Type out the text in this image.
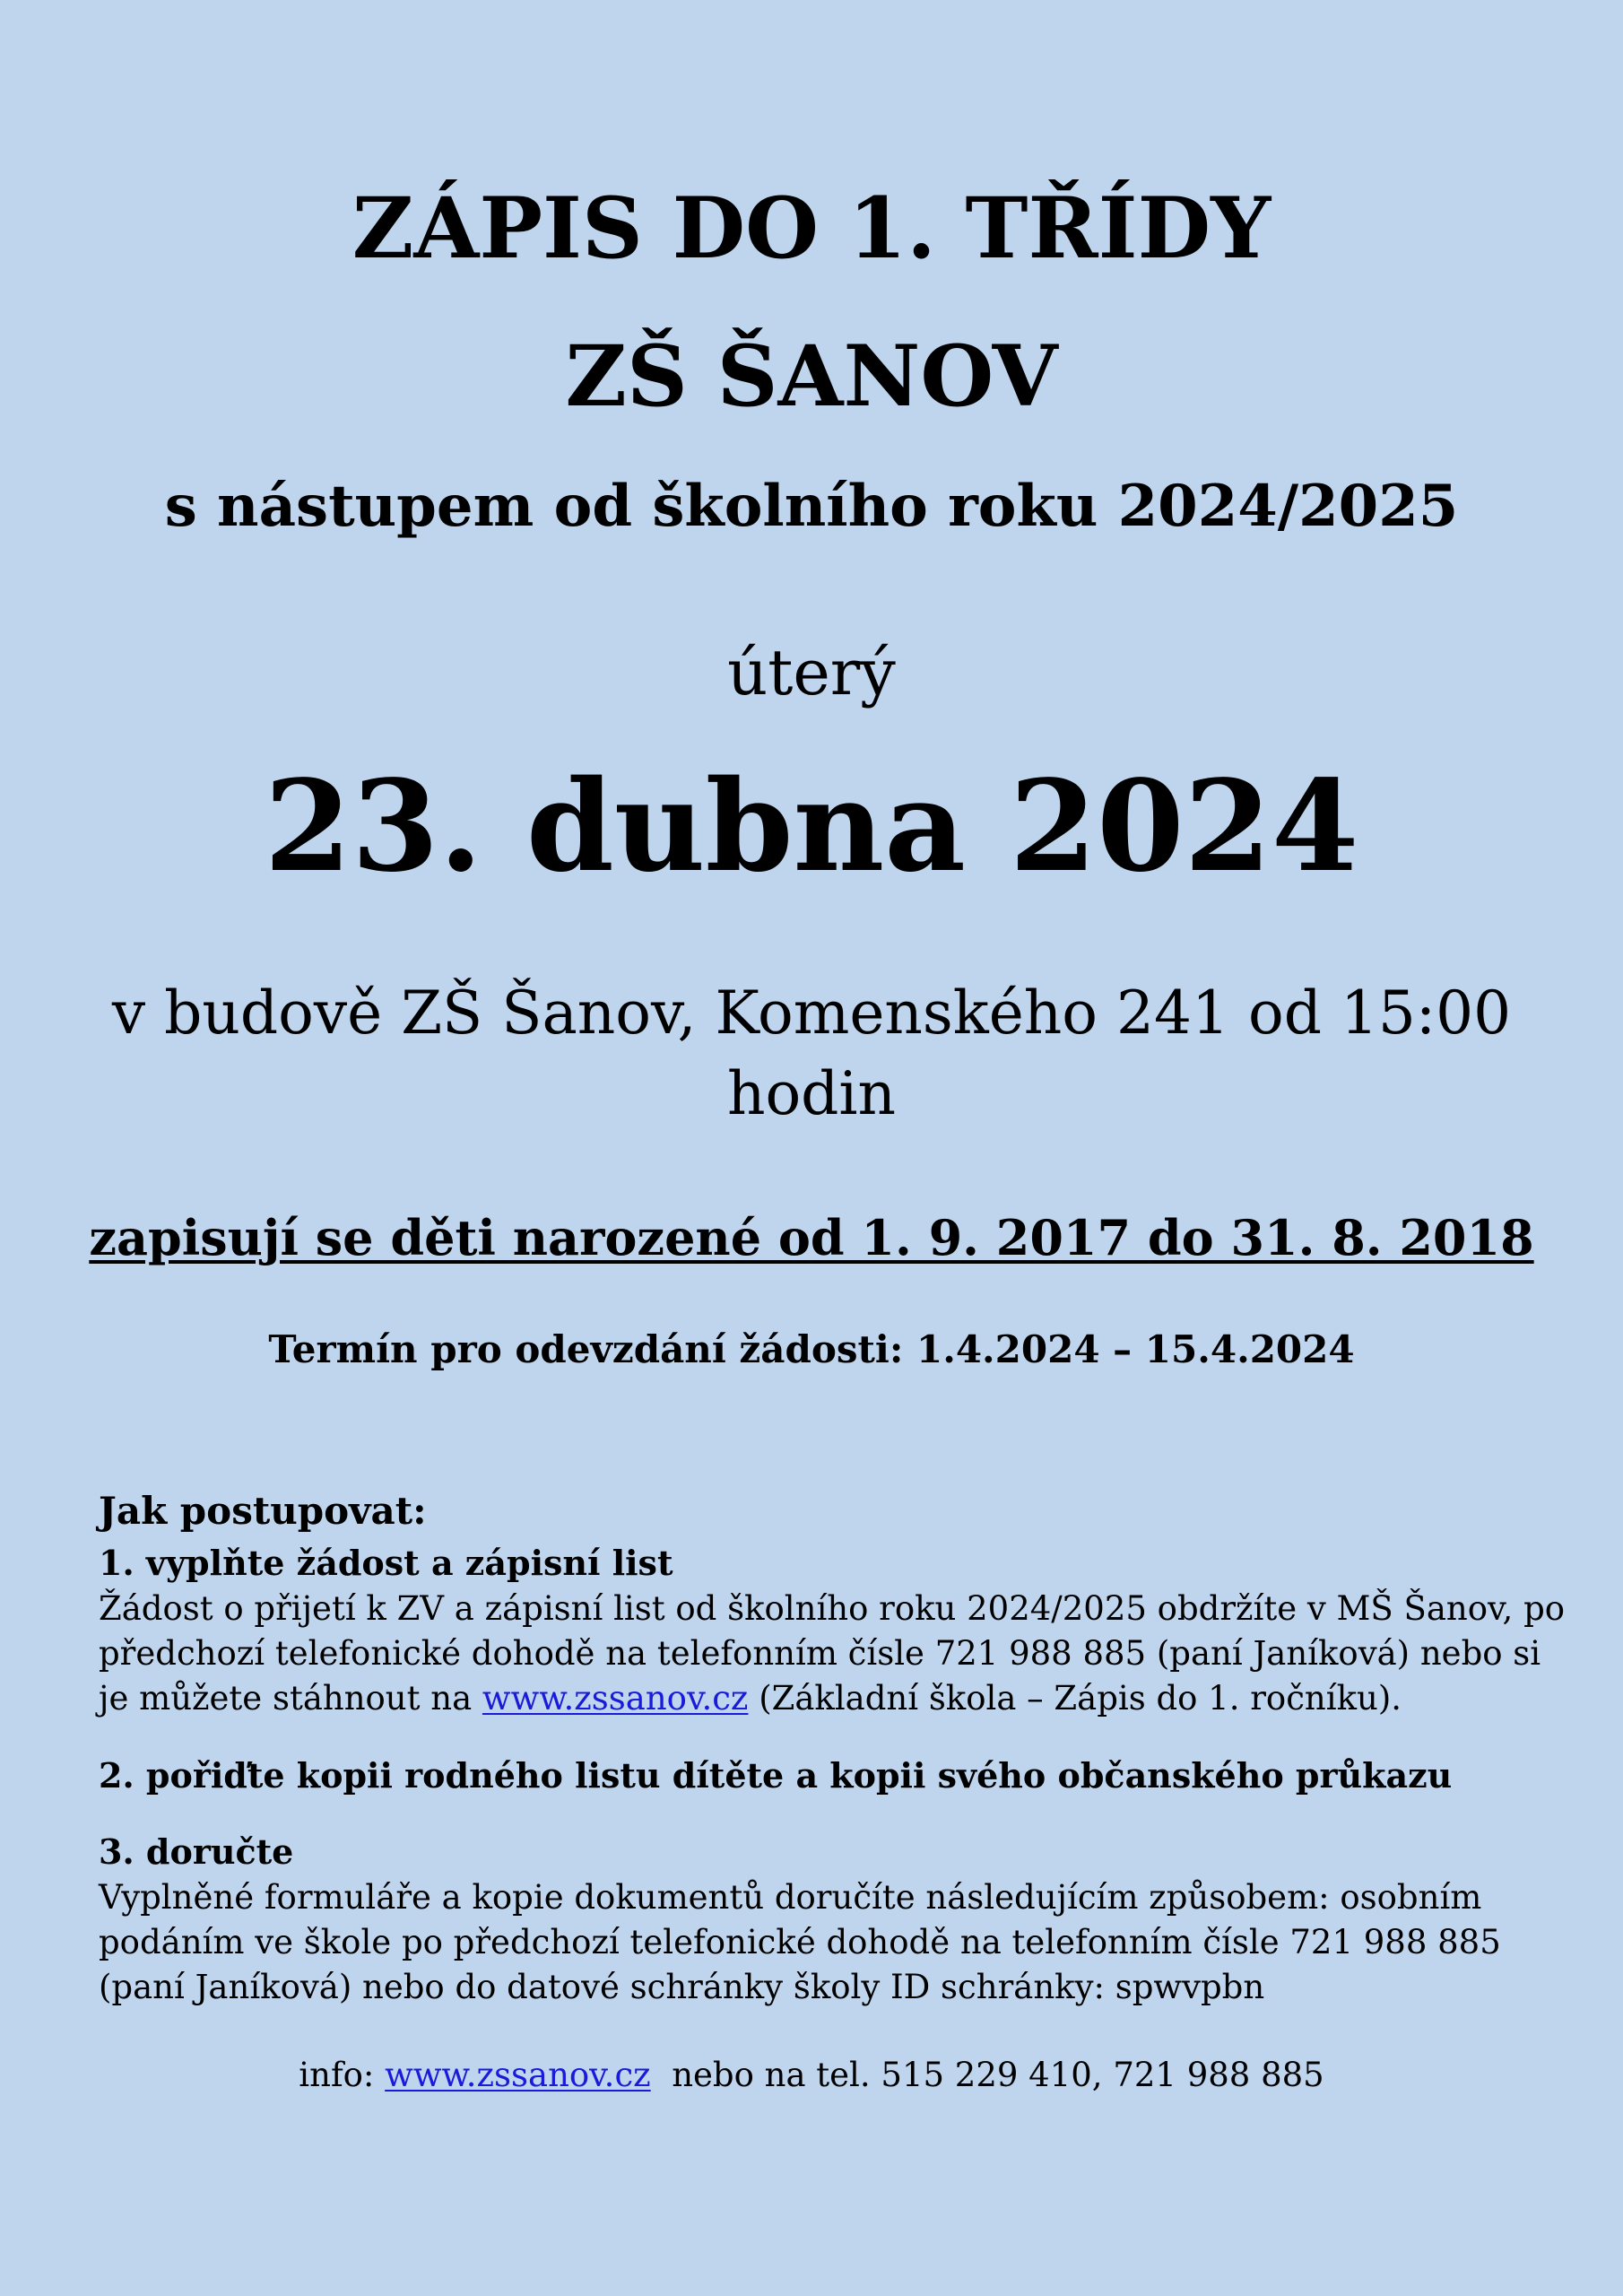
ZÁPIS DO 1. TŘÍDY
ZŠ ŠANOV
s nástupem od školního roku 2024/2025
úterý
23. dubna 2024
v budově ZŠ Šanov, Komenského 241 od 15:00
hodin
zapisují se děti narozené od 1. 9. 2017 do 31. 8. 2018
Termín pro odevzdání žádosti: 1.4.2024 – 15.4.2024
Jak postupovat:
1. vyplňte žádost a zápisní list
Žádost o přijetí k ZV a zápisní list od školního roku 2024/2025 obdržíte v MŠ Šanov, po
předchozí telefonické dohodě na telefonním čísle 721 988 885 (paní Janíková) nebo si
je můžete stáhnout na www.zssanov.cz (Základní škola – Zápis do 1. ročníku).
2. pořiďte kopii rodného listu dítěte a kopii svého občanského průkazu
3. doručte
Vyplněné formuláře a kopie dokumentů doručíte následujícím způsobem: osobním
podáním ve škole po předchozí telefonické dohodě na telefonním čísle 721 988 885
(paní Janíková) nebo do datové schránky školy ID schránky: spwvpbn
info: www.zssanov.cz  nebo na tel. 515 229 410, 721 988 885
